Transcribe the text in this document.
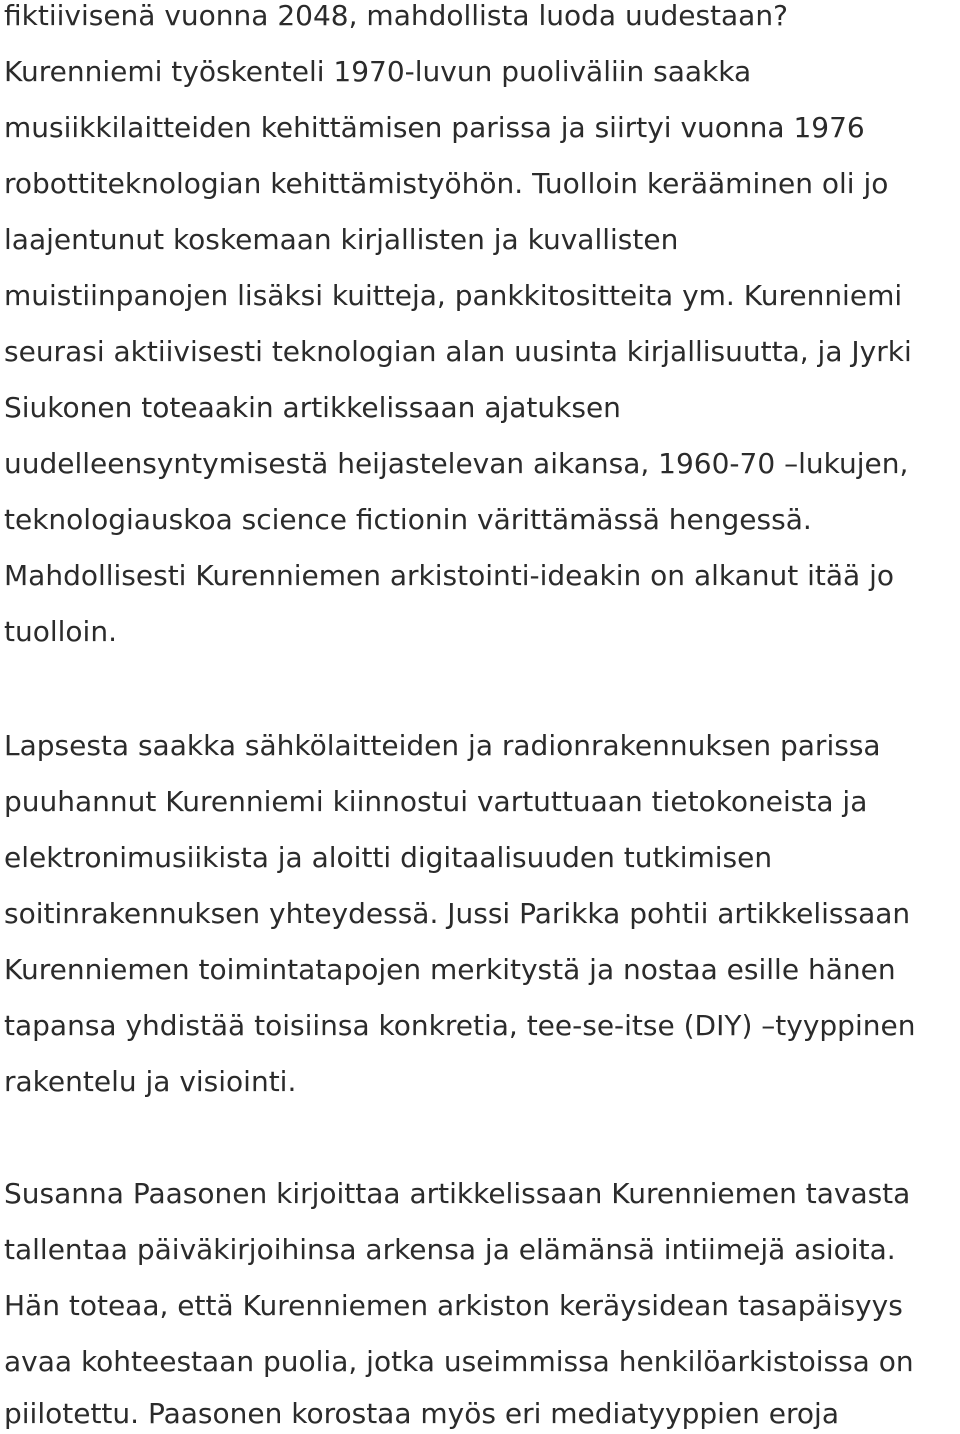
fiktiivisenä vuonna 2048, mahdollista luoda uudestaan?

Kurenniemi työskenteli 1970-luvun puoliväliin saakka

musiikkilaitteiden kehittämisen parissa ja siirtyi vuonna 1976

robottiteknologian kehittämistyöhön. Tuolloin kerääminen oli jo

laajentunut koskemaan kirjallisten ja kuvallisten

muistiinpanojen lisäksi kuitteja, pankkitositteita ym. Kurenniemi

seurasi aktiivisesti teknologian alan uusinta kirjallisuutta, ja Jyrki

Siukonen toteaakin artikkelissaan ajatuksen

uudelleensyntymisestä heijastelevan aikansa, 1960-70 –lukujen,

teknologiauskoa science fictionin värittämässä hengessä.

Mahdollisesti Kurenniemen arkistointi-ideakin on alkanut itää jo

tuolloin.

Lapsesta saakka sähkölaitteiden ja radionrakennuksen parissa

puuhannut Kurenniemi kiinnostui vartuttuaan tietokoneista ja

elektronimusiikista ja aloitti digitaalisuuden tutkimisen

soitinrakennuksen yhteydessä. Jussi Parikka pohtii artikkelissaan

Kurenniemen toimintatapojen merkitystä ja nostaa esille hänen

tapansa yhdistää toisiinsa konkretia, tee-se-itse (DIY) –tyyppinen

rakentelu ja visiointi.

Susanna Paasonen kirjoittaa artikkelissaan Kurenniemen tavasta

tallentaa päiväkirjoihinsa arkensa ja elämänsä intiimejä asioita.

Hän toteaa, että Kurenniemen arkiston keräysidean tasapäisyys

avaa kohteestaan puolia, jotka useimmissa henkilöarkistoissa on

piilotettu. Paasonen korostaa myös eri mediatyyppien eroja
